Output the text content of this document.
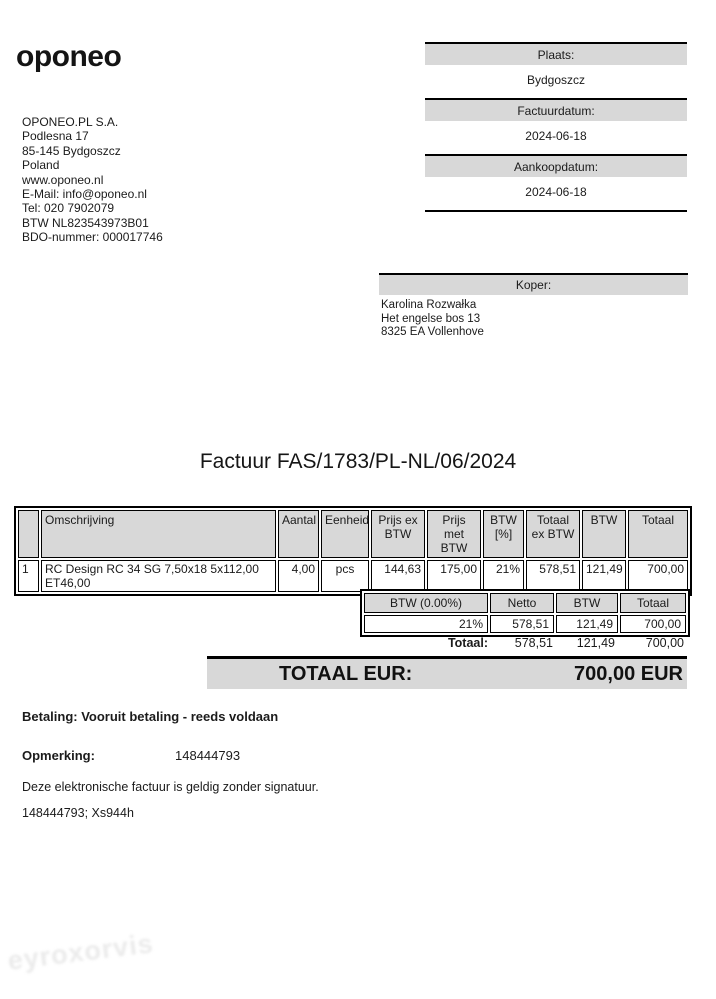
oponeo
OPONEO.PL S.A.
Podlesna 17
85-145 Bydgoszcz
Poland
www.oponeo.nl
E-Mail: info@oponeo.nl
Tel: 020 7902079
BTW NL823543973B01
BDO-nummer: 000017746
Plaats:
Bydgoszcz
Factuurdatum:
2024-06-18
Aankoopdatum:
2024-06-18
Koper:
Karolina Rozwałka
Het engelse bos 13
8325 EA Vollenhove
Factuur FAS/1783/PL-NL/06/2024
	Omschrijving	Aantal	Eenheid	Prijs ex BTW	Prijs met BTW	BTW [%]	Totaal ex BTW	BTW	Totaal
1	RC Design RC 34 SG 7,50x18 5x112,00 ET46,00	4,00	pcs	144,63	175,00	21%	578,51	121,49	700,00
BTW (0.00%)	Netto	BTW	Totaal
21%	578,51	121,49	700,00
Totaal:	578,51	121,49	700,00
TOTAAL EUR:	700,00 EUR
Betaling: Vooruit betaling - reeds voldaan
Opmerking:	148444793
Deze elektronische factuur is geldig zonder signatuur.
148444793; Xs944h
eyroxorvis
